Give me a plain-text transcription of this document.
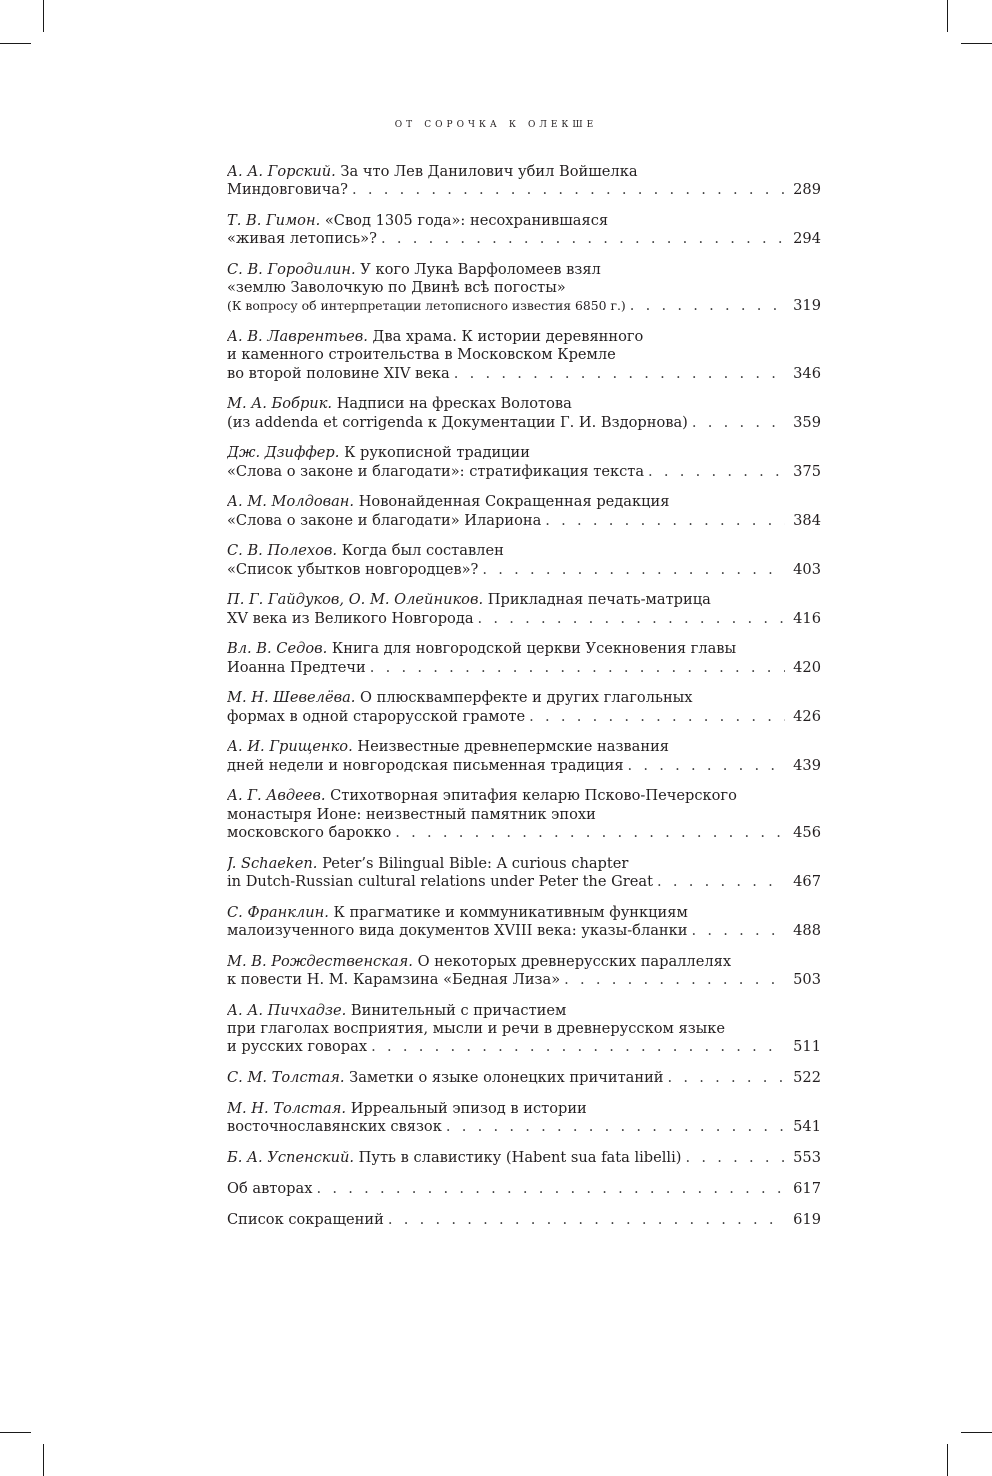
от сорочка к олекше
А. А. Горский. За что Лев Данилович убил Войшелка
Миндовговича? . . .	289
Т. В. Гимон. «Свод 1305 года»: несохранившаяся
«живая летопись»? . . .	294
С. В. Городилин. У кого Лука Варфоломеев взял
«землю Заволочкую по Двинѣ всѣ погосты»
(К вопросу об интерпретации летописного известия 6850 г.) . . .	319
А. В. Лаврентьев. Два храма. К истории деревянного
и каменного строительства в Московском Кремле
во второй половине XIV века . . .	346
М. А. Бобрик. Надписи на фресках Волотова
(из addenda et corrigenda к Документации Г. И. Вздорнова) . . .	359
Дж. Дзиффер. К рукописной традиции
«Слова о законе и благодати»: стратификация текста . . .	375
А. М. Молдован. Новонайденная Сокращенная редакция
«Слова о законе и благодати» Илариона . . .	384
С. В. Полехов. Когда был составлен
«Список убытков новгородцев»? . . .	403
П. Г. Гайдуков, О. М. Олейников. Прикладная печать-матрица
XV века из Великого Новгорода . . .	416
Вл. В. Седов. Книга для новгородской церкви Усекновения главы
Иоанна Предтечи . . .	420
М. Н. Шевелёва. О плюсквамперфекте и других глагольных
формах в одной старорусской грамоте . . .	426
А. И. Грищенко. Неизвестные древнепермские названия
дней недели и новгородская письменная традиция . . .	439
А. Г. Авдеев. Стихотворная эпитафия келарю Псково-Печерского
монастыря Ионе: неизвестный памятник эпохи
московского барокко . . .	456
J. Schaeken. Peter’s Bilingual Bible: A curious chapter
in Dutch-Russian cultural relations under Peter the Great . . .	467
С. Франклин. К прагматике и коммуникативным функциям
малоизученного вида документов XVIII века: указы-бланки . . .	488
М. В. Рождественская. О некоторых древнерусских параллелях
к повести Н. М. Карамзина «Бедная Лиза» . . .	503
А. А. Пичхадзе. Винительный с причастием
при глаголах восприятия, мысли и речи в древнерусском языке
и русских говорах . . .	511
С. М. Толстая. Заметки о языке олонецких причитаний . . .	522
М. Н. Толстая. Ирреальный эпизод в истории
восточнославянских связок . . .	541
Б. А. Успенский. Путь в славистику (Habent sua fata libelli) . . .	553
Об авторах . . .	617
Список сокращений . . .	619
